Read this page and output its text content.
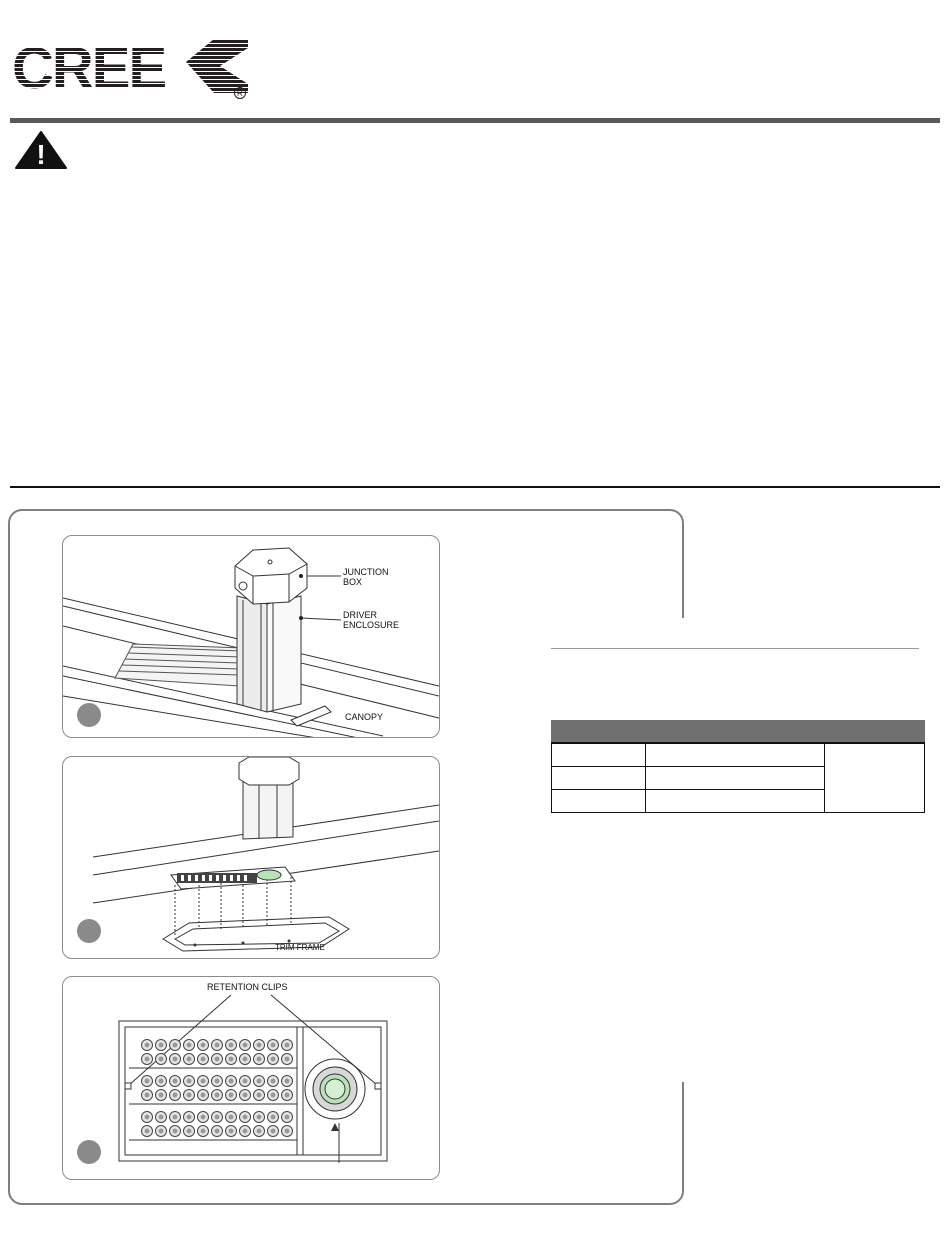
CREE	R
!
JUNCTION
BOX
DRIVER
ENCLOSURE
CANOPY
TRIM FRAME
RETENTION CLIPS
